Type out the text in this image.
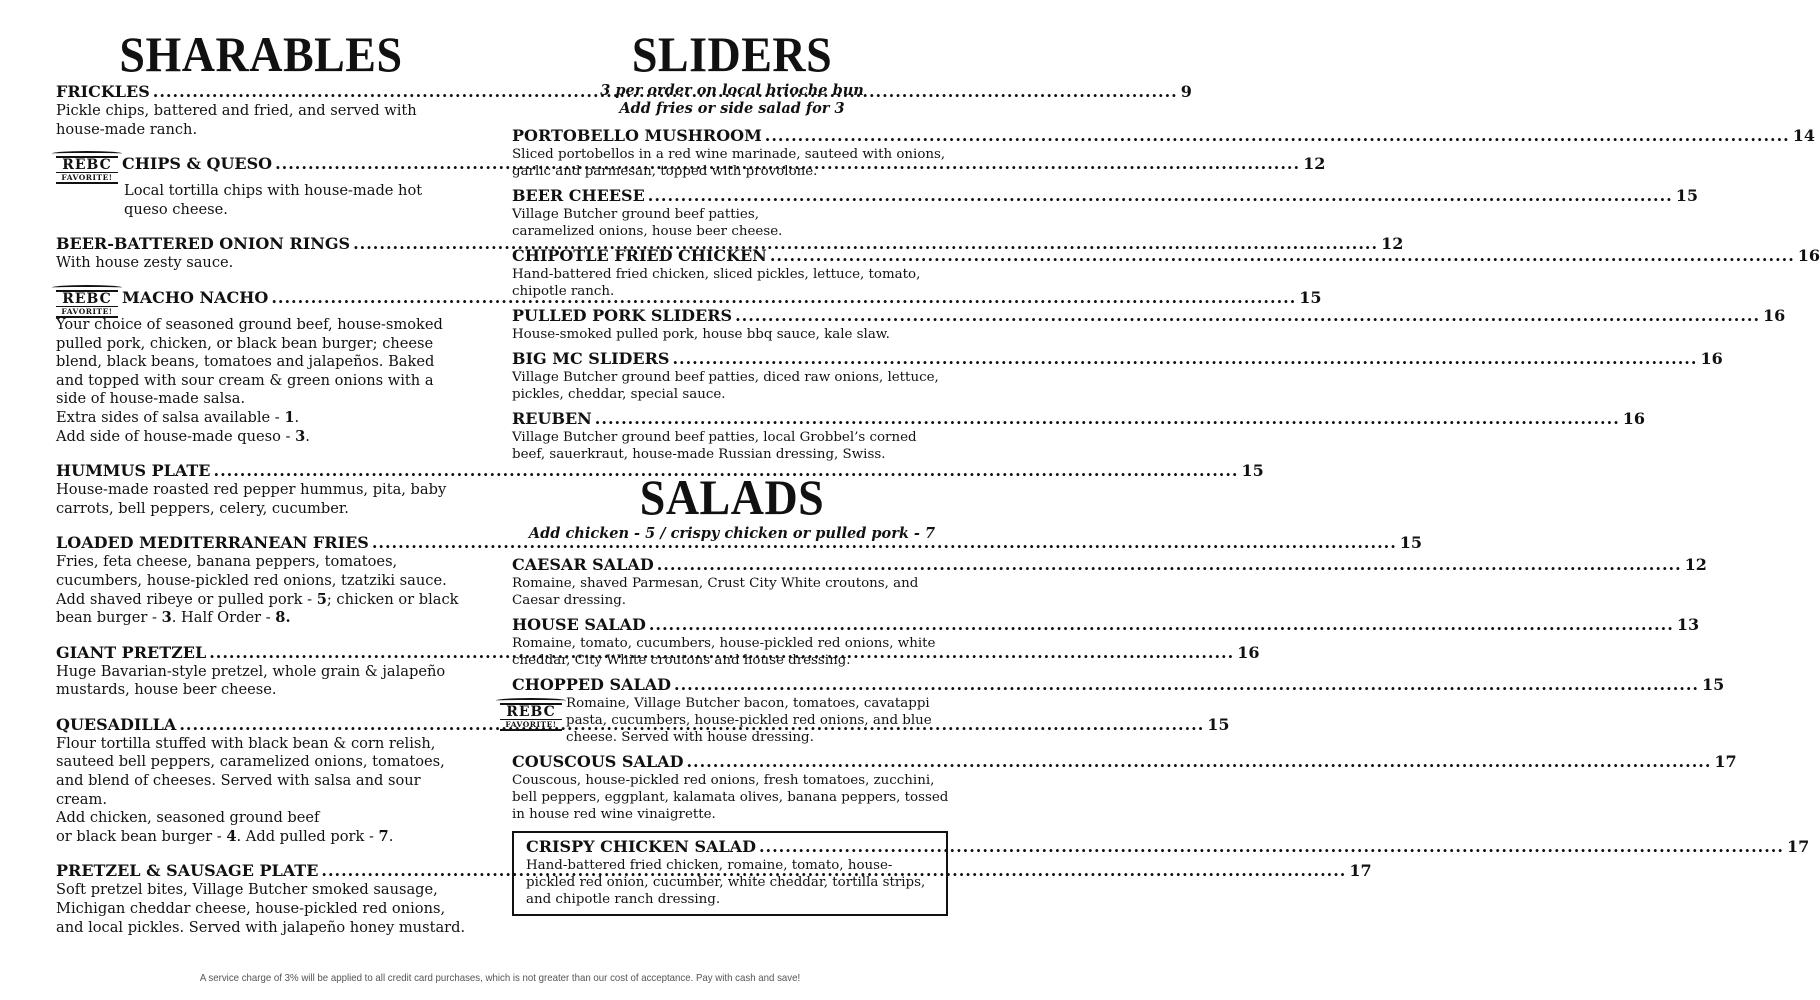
SHARABLES
FRICKLES .....	9
Pickle chips, battered and fried, and served with house-made ranch.
REBC
FAVORITE!
CHIPS & QUESO .....	12
Local tortilla chips with house-made hot queso cheese.
BEER-BATTERED ONION RINGS .....	12
With house zesty sauce.
REBC
FAVORITE!
MACHO NACHO .....	15
Your choice of seasoned ground beef, house-smoked pulled pork, chicken, or black bean burger; cheese blend, black beans, tomatoes and jalapeños. Baked and topped with sour cream & green onions with a side of house-made salsa.
Extra sides of salsa available - 1.
Add side of house-made queso - 3.
HUMMUS PLATE .....	15
House-made roasted red pepper hummus, pita, baby carrots, bell peppers, celery, cucumber.
LOADED MEDITERRANEAN FRIES .....	15
Fries, feta cheese, banana peppers, tomatoes, cucumbers, house-pickled red onions, tzatziki sauce. Add shaved ribeye or pulled pork - 5; chicken or black bean burger - 3. Half Order - 8.
GIANT PRETZEL .....	16
Huge Bavarian-style pretzel, whole grain & jalapeño mustards, house beer cheese.
QUESADILLA .....	15
Flour tortilla stuffed with black bean & corn relish, sauteed bell peppers, caramelized onions, tomatoes, and blend of cheeses. Served with salsa and sour cream.
Add chicken, seasoned ground beef
or black bean burger - 4. Add pulled pork - 7.
PRETZEL & SAUSAGE PLATE .....	17
Soft pretzel bites, Village Butcher smoked sausage, Michigan cheddar cheese, house-pickled red onions, and local pickles. Served with jalapeño honey mustard.
SLIDERS
3 per order on local brioche bun
Add fries or side salad for 3
PORTOBELLO MUSHROOM .....	14
Sliced portobellos in a red wine marinade, sauteed with onions, garlic and parmesan, topped with provolone.
BEER CHEESE .....	15
Village Butcher ground beef patties, caramelized onions, house beer cheese.
CHIPOTLE FRIED CHICKEN .....	16
Hand-battered fried chicken, sliced pickles, lettuce, tomato, chipotle ranch.
PULLED PORK SLIDERS .....	16
House-smoked pulled pork, house bbq sauce, kale slaw.
BIG MC SLIDERS .....	16
Village Butcher ground beef patties, diced raw onions, lettuce, pickles, cheddar, special sauce.
REUBEN .....	16
Village Butcher ground beef patties, local Grobbel’s corned beef, sauerkraut, house-made Russian dressing, Swiss.
SALADS
Add chicken - 5 / crispy chicken or pulled pork - 7
CAESAR SALAD .....	12
Romaine, shaved Parmesan, Crust City White croutons, and Caesar dressing.
HOUSE SALAD .....	13
Romaine, tomato, cucumbers, house-pickled red onions, white cheddar, City White croutons and house dressing.
CHOPPED SALAD .....	15
REBC
FAVORITE!
Romaine, Village Butcher bacon, tomatoes, cavatappi pasta, cucumbers, house-pickled red onions, and blue cheese. Served with house dressing.
COUSCOUS SALAD .....	17
Couscous, house-pickled red onions, fresh tomatoes, zucchini, bell peppers, eggplant, kalamata olives, banana peppers, tossed in house red wine vinaigrette.
CRISPY CHICKEN SALAD .....	17
Hand-battered fried chicken, romaine, tomato, house-pickled red onion, cucumber, white cheddar, tortilla strips, and chipotle ranch dressing.
A service charge of 3% will be applied to all credit card purchases, which is not greater than our cost of acceptance. Pay with cash and save!
